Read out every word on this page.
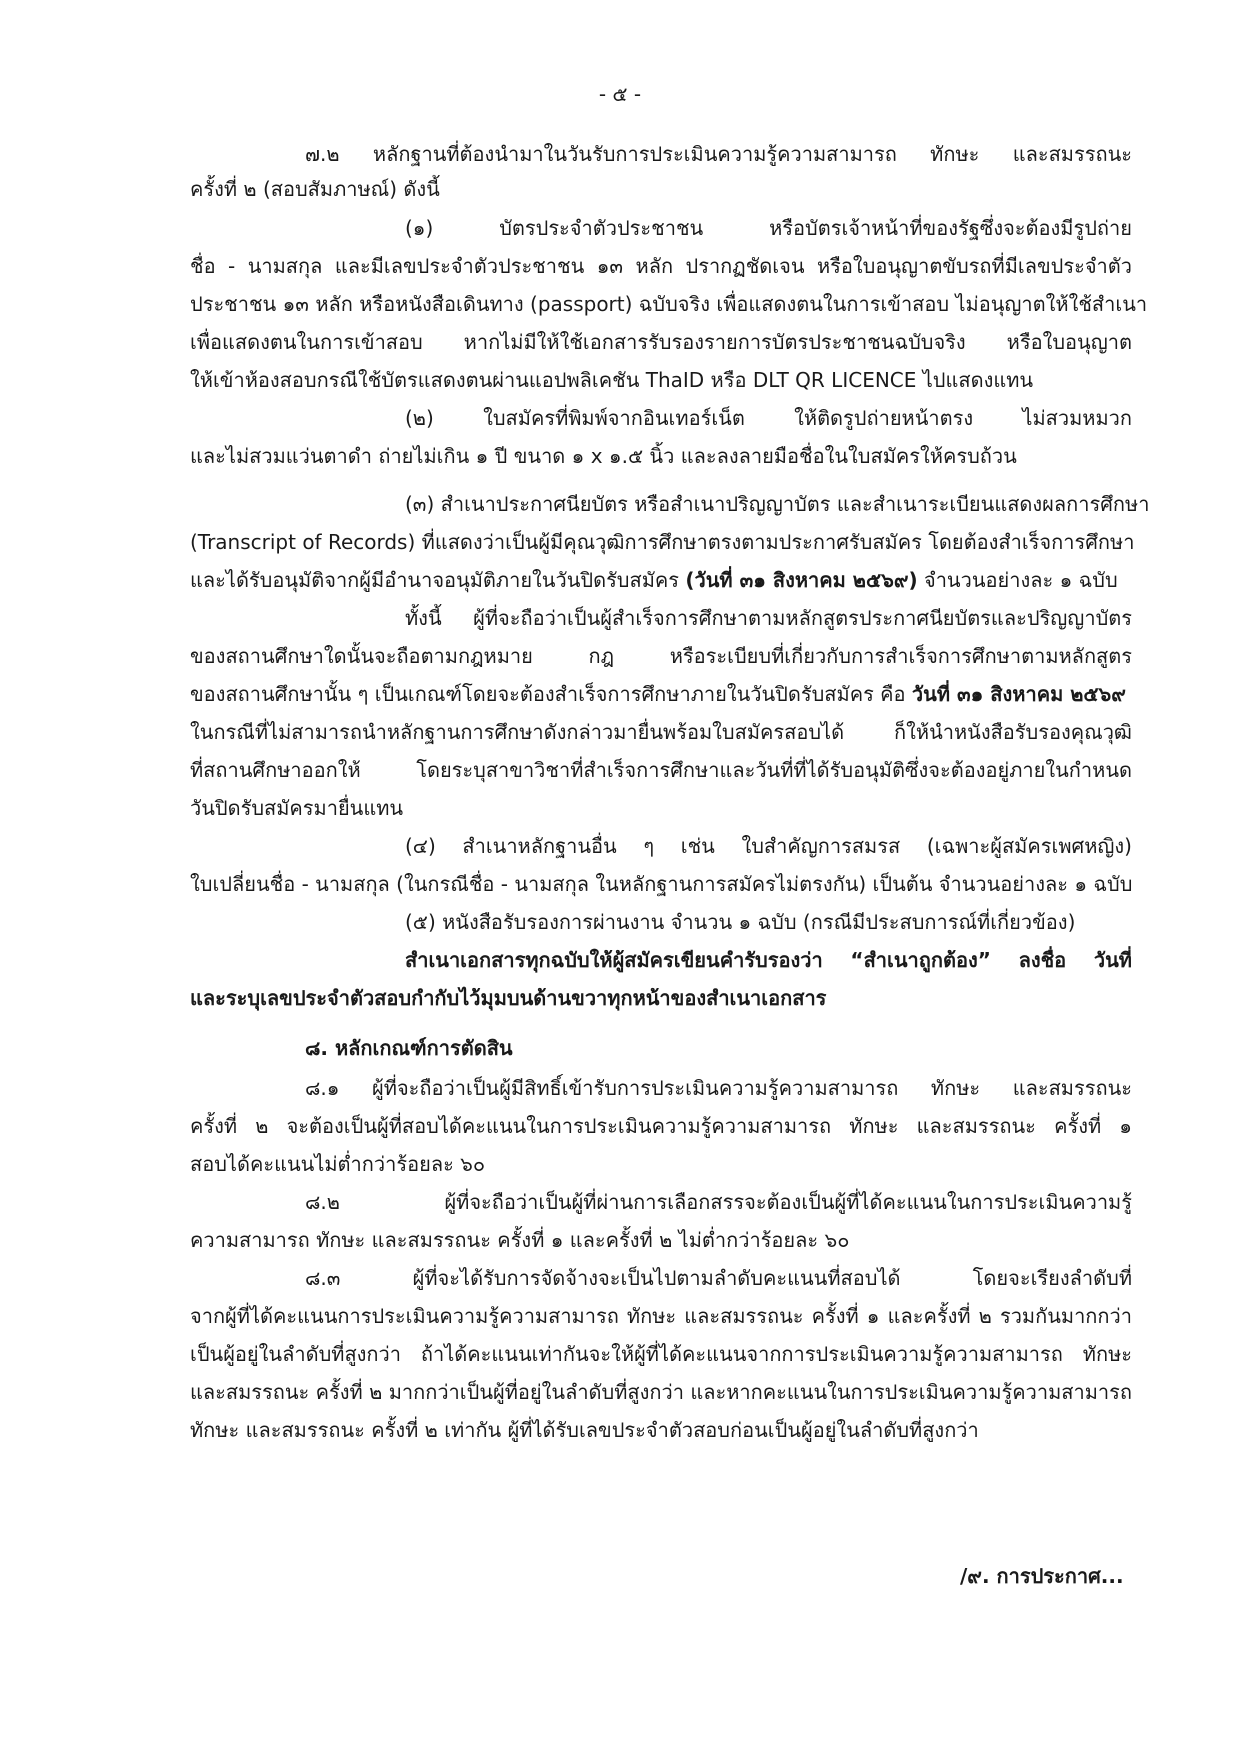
- ๕ -
๗.๒ หลักฐานที่ต้องนำมาในวันรับการประเมินความรู้ความสามารถ ทักษะ และสมรรถนะ
ครั้งที่ ๒ (สอบสัมภาษณ์) ดังนี้
(๑) บัตรประจำตัวประชาชน หรือบัตรเจ้าหน้าที่ของรัฐซึ่งจะต้องมีรูปถ่าย
ชื่อ - นามสกุล และมีเลขประจำตัวประชาชน ๑๓ หลัก ปรากฏชัดเจน หรือใบอนุญาตขับรถที่มีเลขประจำตัว
ประชาชน ๑๓ หลัก หรือหนังสือเดินทาง (passport) ฉบับจริง เพื่อแสดงตนในการเข้าสอบ ไม่อนุญาตให้ใช้สำเนา
เพื่อแสดงตนในการเข้าสอบ หากไม่มีให้ใช้เอกสารรับรองรายการบัตรประชาชนฉบับจริง หรือใบอนุญาต
ให้เข้าห้องสอบกรณีใช้บัตรแสดงตนผ่านแอปพลิเคชัน ThaID หรือ DLT QR LICENCE ไปแสดงแทน
(๒) ใบสมัครที่พิมพ์จากอินเทอร์เน็ต ให้ติดรูปถ่ายหน้าตรง ไม่สวมหมวก
และไม่สวมแว่นตาดำ ถ่ายไม่เกิน ๑ ปี ขนาด ๑ x ๑.๕ นิ้ว และลงลายมือชื่อในใบสมัครให้ครบถ้วน
(๓) สำเนาประกาศนียบัตร หรือสำเนาปริญญาบัตร และสำเนาระเบียนแสดงผลการศึกษา
(Transcript of Records) ที่แสดงว่าเป็นผู้มีคุณวุฒิการศึกษาตรงตามประกาศรับสมัคร โดยต้องสำเร็จการศึกษา
และได้รับอนุมัติจากผู้มีอำนาจอนุมัติภายในวันปิดรับสมัคร (วันที่ ๓๑ สิงหาคม ๒๕๖๙) จำนวนอย่างละ ๑ ฉบับ
ทั้งนี้ ผู้ที่จะถือว่าเป็นผู้สำเร็จการศึกษาตามหลักสูตรประกาศนียบัตรและปริญญาบัตร
ของสถานศึกษาใดนั้นจะถือตามกฎหมาย กฎ หรือระเบียบที่เกี่ยวกับการสำเร็จการศึกษาตามหลักสูตร
ของสถานศึกษานั้น ๆ เป็นเกณฑ์โดยจะต้องสำเร็จการศึกษาภายในวันปิดรับสมัคร คือ วันที่ ๓๑ สิงหาคม ๒๕๖๙
ในกรณีที่ไม่สามารถนำหลักฐานการศึกษาดังกล่าวมายื่นพร้อมใบสมัครสอบได้ ก็ให้นำหนังสือรับรองคุณวุฒิ
ที่สถานศึกษาออกให้ โดยระบุสาขาวิชาที่สำเร็จการศึกษาและวันที่ที่ได้รับอนุมัติซึ่งจะต้องอยู่ภายในกำหนด
วันปิดรับสมัครมายื่นแทน
(๔) สำเนาหลักฐานอื่น ๆ เช่น ใบสำคัญการสมรส (เฉพาะผู้สมัครเพศหญิง)
ใบเปลี่ยนชื่อ - นามสกุล (ในกรณีชื่อ - นามสกุล ในหลักฐานการสมัครไม่ตรงกัน) เป็นต้น จำนวนอย่างละ ๑ ฉบับ
(๕) หนังสือรับรองการผ่านงาน จำนวน ๑ ฉบับ (กรณีมีประสบการณ์ที่เกี่ยวข้อง)
สำเนาเอกสารทุกฉบับให้ผู้สมัครเขียนคำรับรองว่า “สำเนาถูกต้อง” ลงชื่อ วันที่
และระบุเลขประจำตัวสอบกำกับไว้มุมบนด้านขวาทุกหน้าของสำเนาเอกสาร
๘. หลักเกณฑ์การตัดสิน
๘.๑ ผู้ที่จะถือว่าเป็นผู้มีสิทธิ์เข้ารับการประเมินความรู้ความสามารถ ทักษะ และสมรรถนะ
ครั้งที่ ๒ จะต้องเป็นผู้ที่สอบได้คะแนนในการประเมินความรู้ความสามารถ ทักษะ และสมรรถนะ ครั้งที่ ๑
สอบได้คะแนนไม่ต่ำกว่าร้อยละ ๖๐
๘.๒ ผู้ที่จะถือว่าเป็นผู้ที่ผ่านการเลือกสรรจะต้องเป็นผู้ที่ได้คะแนนในการประเมินความรู้
ความสามารถ ทักษะ และสมรรถนะ ครั้งที่ ๑ และครั้งที่ ๒ ไม่ต่ำกว่าร้อยละ ๖๐
๘.๓ ผู้ที่จะได้รับการจัดจ้างจะเป็นไปตามลำดับคะแนนที่สอบได้ โดยจะเรียงลำดับที่
จากผู้ที่ได้คะแนนการประเมินความรู้ความสามารถ ทักษะ และสมรรถนะ ครั้งที่ ๑ และครั้งที่ ๒ รวมกันมากกว่า
เป็นผู้อยู่ในลำดับที่สูงกว่า ถ้าได้คะแนนเท่ากันจะให้ผู้ที่ได้คะแนนจากการประเมินความรู้ความสามารถ ทักษะ
และสมรรถนะ ครั้งที่ ๒ มากกว่าเป็นผู้ที่อยู่ในลำดับที่สูงกว่า และหากคะแนนในการประเมินความรู้ความสามารถ
ทักษะ และสมรรถนะ ครั้งที่ ๒ เท่ากัน ผู้ที่ได้รับเลขประจำตัวสอบก่อนเป็นผู้อยู่ในลำดับที่สูงกว่า
/๙. การประกาศ...
